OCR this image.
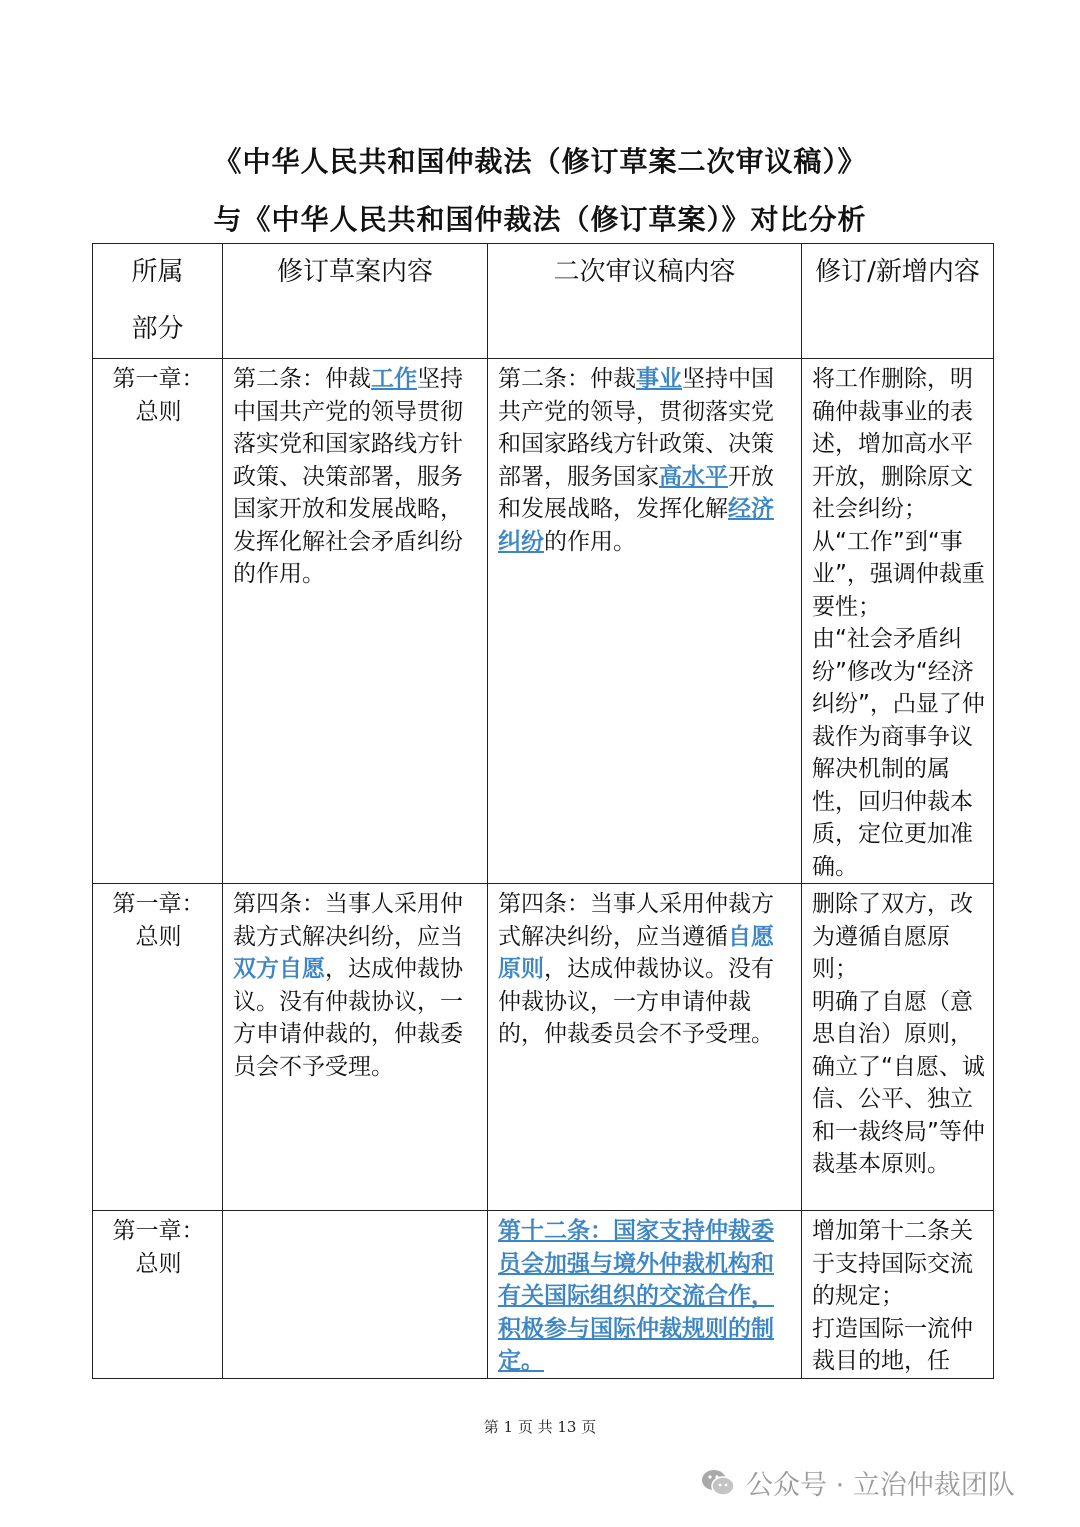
《中华人民共和国仲裁法（修订草案二次审议稿）》
与《中华人民共和国仲裁法（修订草案）》对比分析
所属部分	修订草案内容	二次审议稿内容	修订/新增内容
第一章：总则	第二条：仲裁工作坚持中国共产党的领导贯彻落实党和国家路线方针政策、决策部署，服务国家开放和发展战略，发挥化解社会矛盾纠纷的作用。	第二条：仲裁事业坚持中国共产党的领导，贯彻落实党和国家路线方针政策、决策部署，服务国家高水平开放和发展战略，发挥化解经济纠纷的作用。	将工作删除，明确仲裁事业的表述，增加高水平开放，删除原文社会纠纷；
从“工作”到“事业”，强调仲裁重要性；
由“社会矛盾纠纷”修改为“经济纠纷”，凸显了仲裁作为商事争议解决机制的属性，回归仲裁本质，定位更加准确。

第一章：总则	第四条：当事人采用仲裁方式解决纠纷，应当双方自愿，达成仲裁协议。没有仲裁协议，一方申请仲裁的，仲裁委员会不予受理。	第四条：当事人采用仲裁方式解决纠纷，应当遵循自愿原则，达成仲裁协议。没有仲裁协议，一方申请仲裁的，仲裁委员会不予受理。	删除了双方，改为遵循自愿原则；
明确了自愿（意思自治）原则，确立了“自愿、诚信、公平、独立和一裁终局”等仲裁基本原则。

第一章：总则		第十二条：国家支持仲裁委员会加强与境外仲裁机构和有关国际组织的交流合作，积极参与国际仲裁规则的制定。	增加第十二条关于支持国际交流的规定；
打造国际一流仲裁目的地，任
第 1 页 共 13 页
公众号 · 立治仲裁团队
